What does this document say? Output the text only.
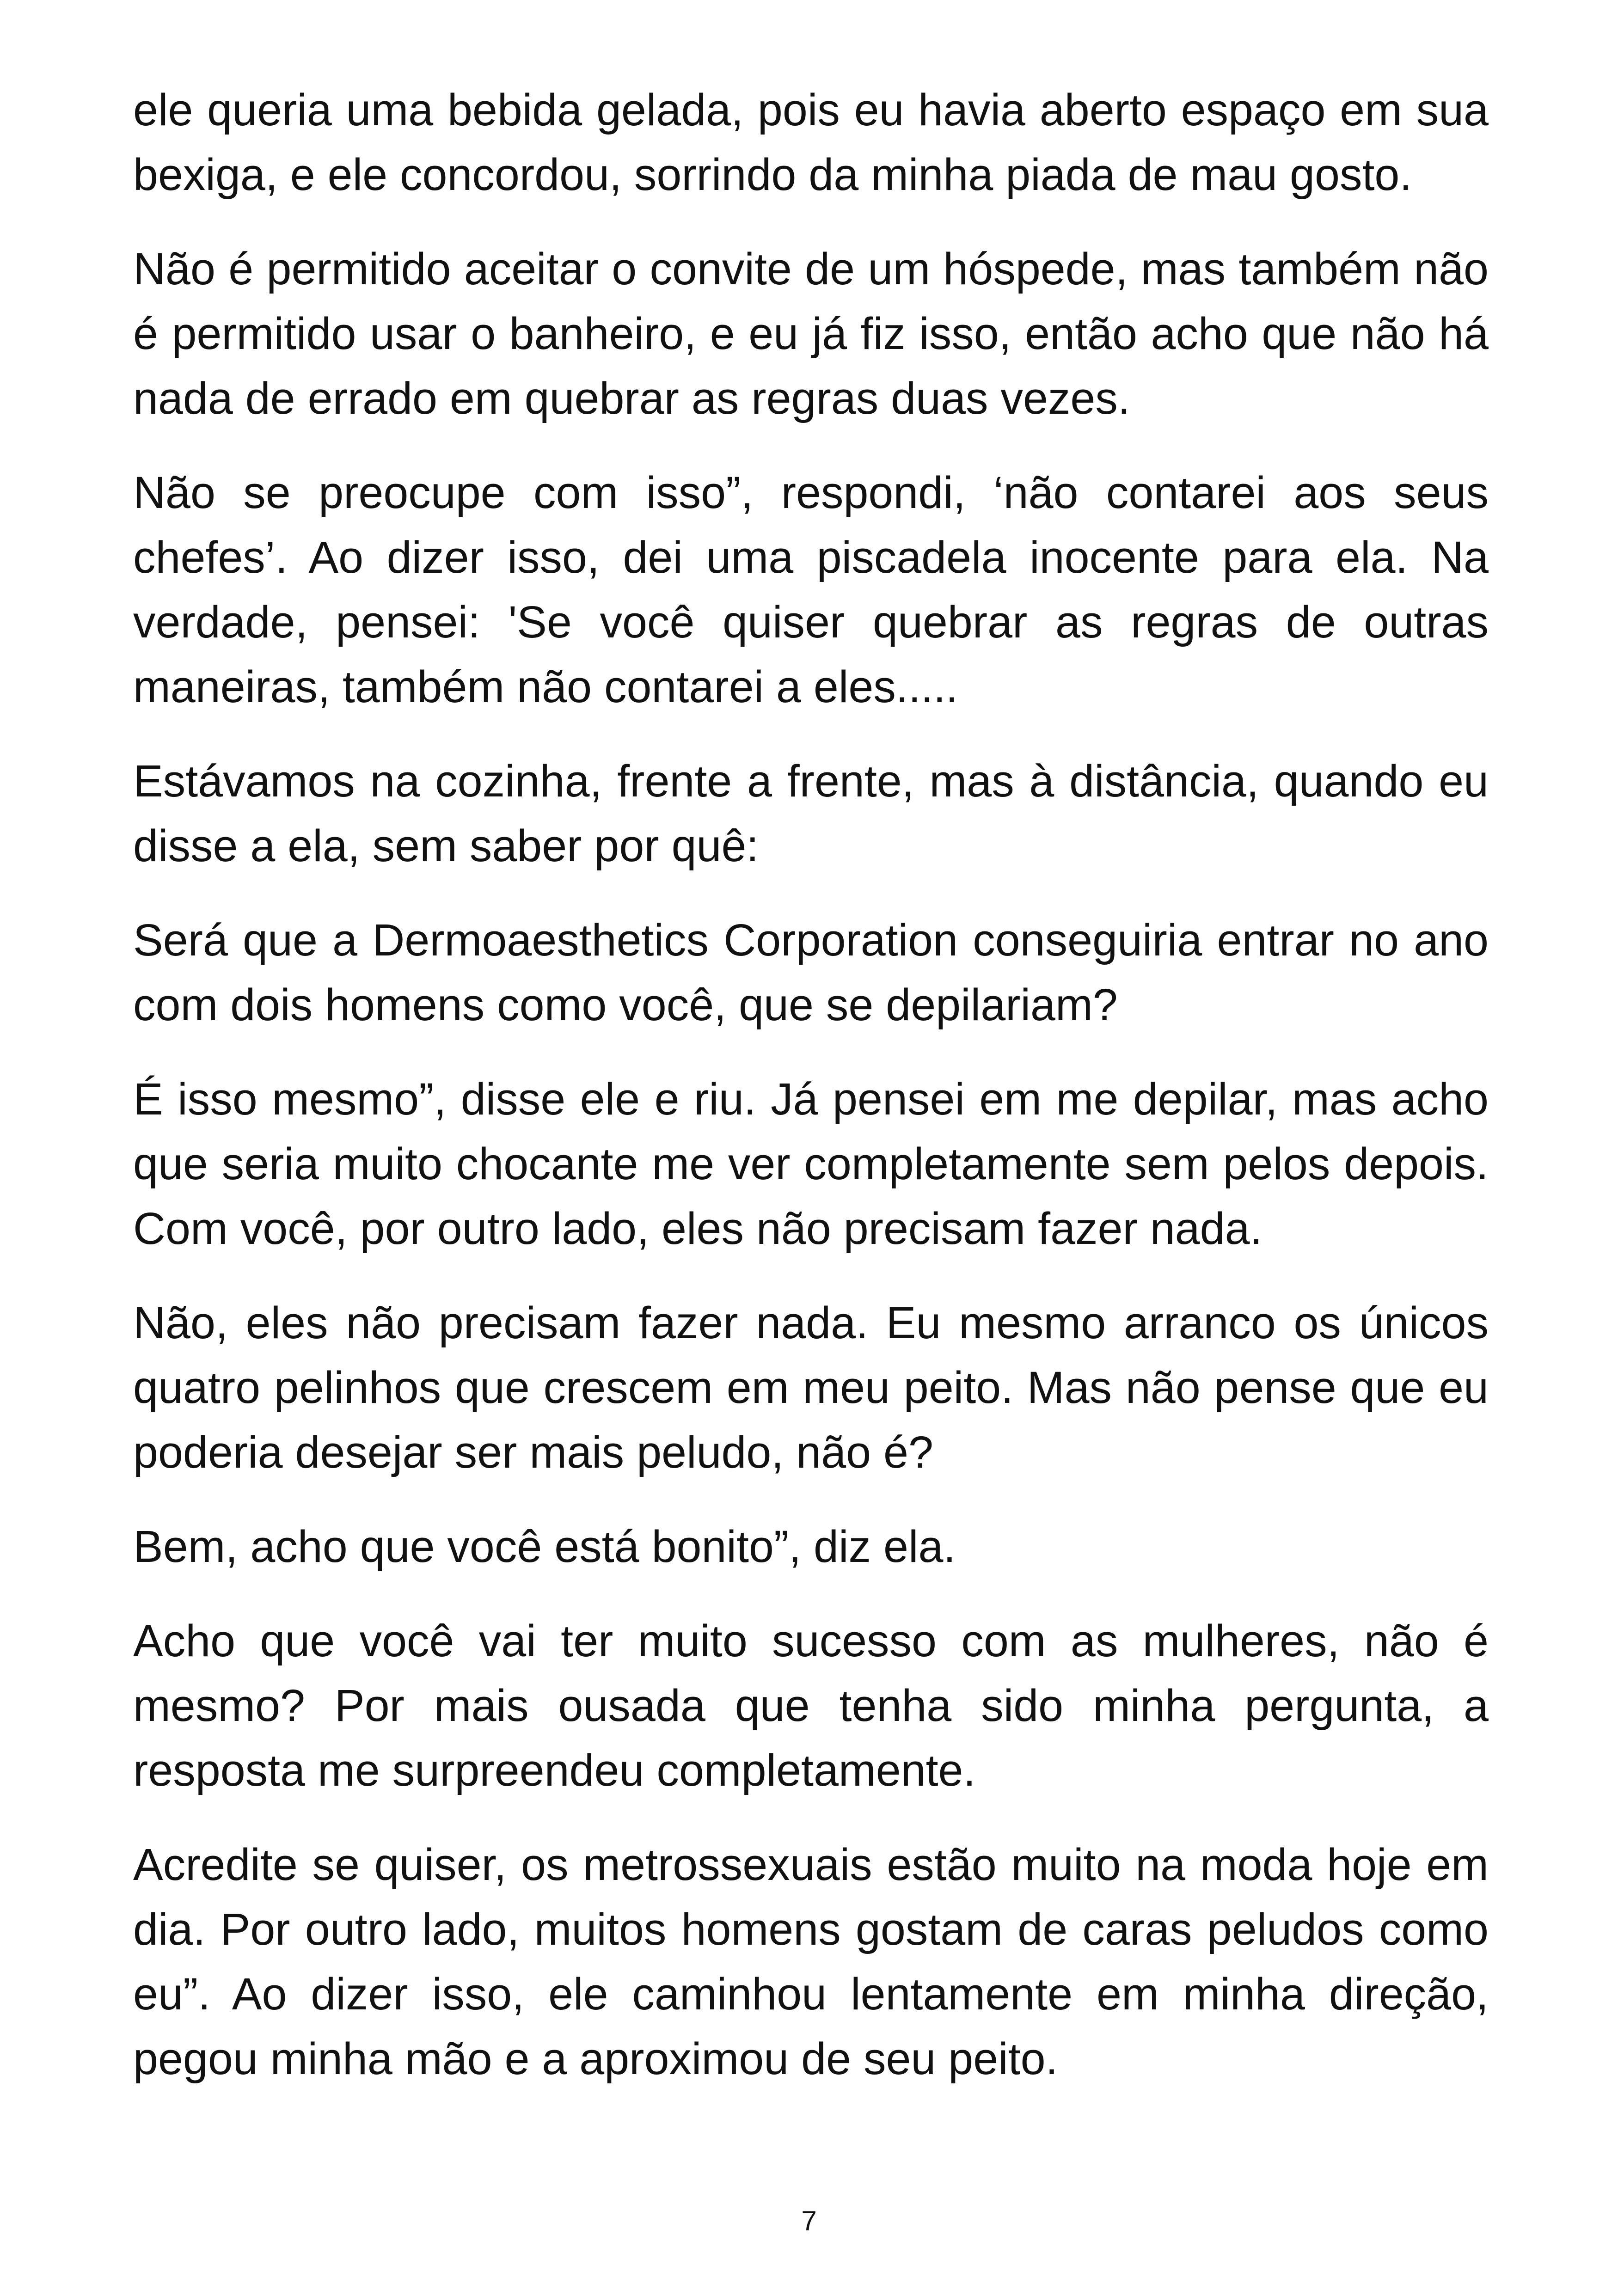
ele queria uma bebida gelada, pois eu havia aberto espaço em sua bexiga, e ele concordou, sorrindo da minha piada de mau gosto.

Não é permitido aceitar o convite de um hóspede, mas também não é permitido usar o banheiro, e eu já fiz isso, então acho que não há nada de errado em quebrar as regras duas vezes.

Não se preocupe com isso”, respondi, ‘não contarei aos seus chefes’. Ao dizer isso, dei uma piscadela inocente para ela. Na verdade, pensei: 'Se você quiser quebrar as regras de outras maneiras, também não contarei a eles.....

Estávamos na cozinha, frente a frente, mas à distância, quando eu disse a ela, sem saber por quê:

Será que a Dermoaesthetics Corporation conseguiria entrar no ano com dois homens como você, que se depilariam?

É isso mesmo”, disse ele e riu. Já pensei em me depilar, mas acho que seria muito chocante me ver completamente sem pelos depois. Com você, por outro lado, eles não precisam fazer nada.

Não, eles não precisam fazer nada. Eu mesmo arranco os únicos quatro pelinhos que crescem em meu peito. Mas não pense que eu poderia desejar ser mais peludo, não é?

Bem, acho que você está bonito”, diz ela.

Acho que você vai ter muito sucesso com as mulheres, não é mesmo? Por mais ousada que tenha sido minha pergunta, a resposta me surpreendeu completamente.

Acredite se quiser, os metrossexuais estão muito na moda hoje em dia. Por outro lado, muitos homens gostam de caras peludos como eu”. Ao dizer isso, ele caminhou lentamente em minha direção, pegou minha mão e a aproximou de seu peito.

7
